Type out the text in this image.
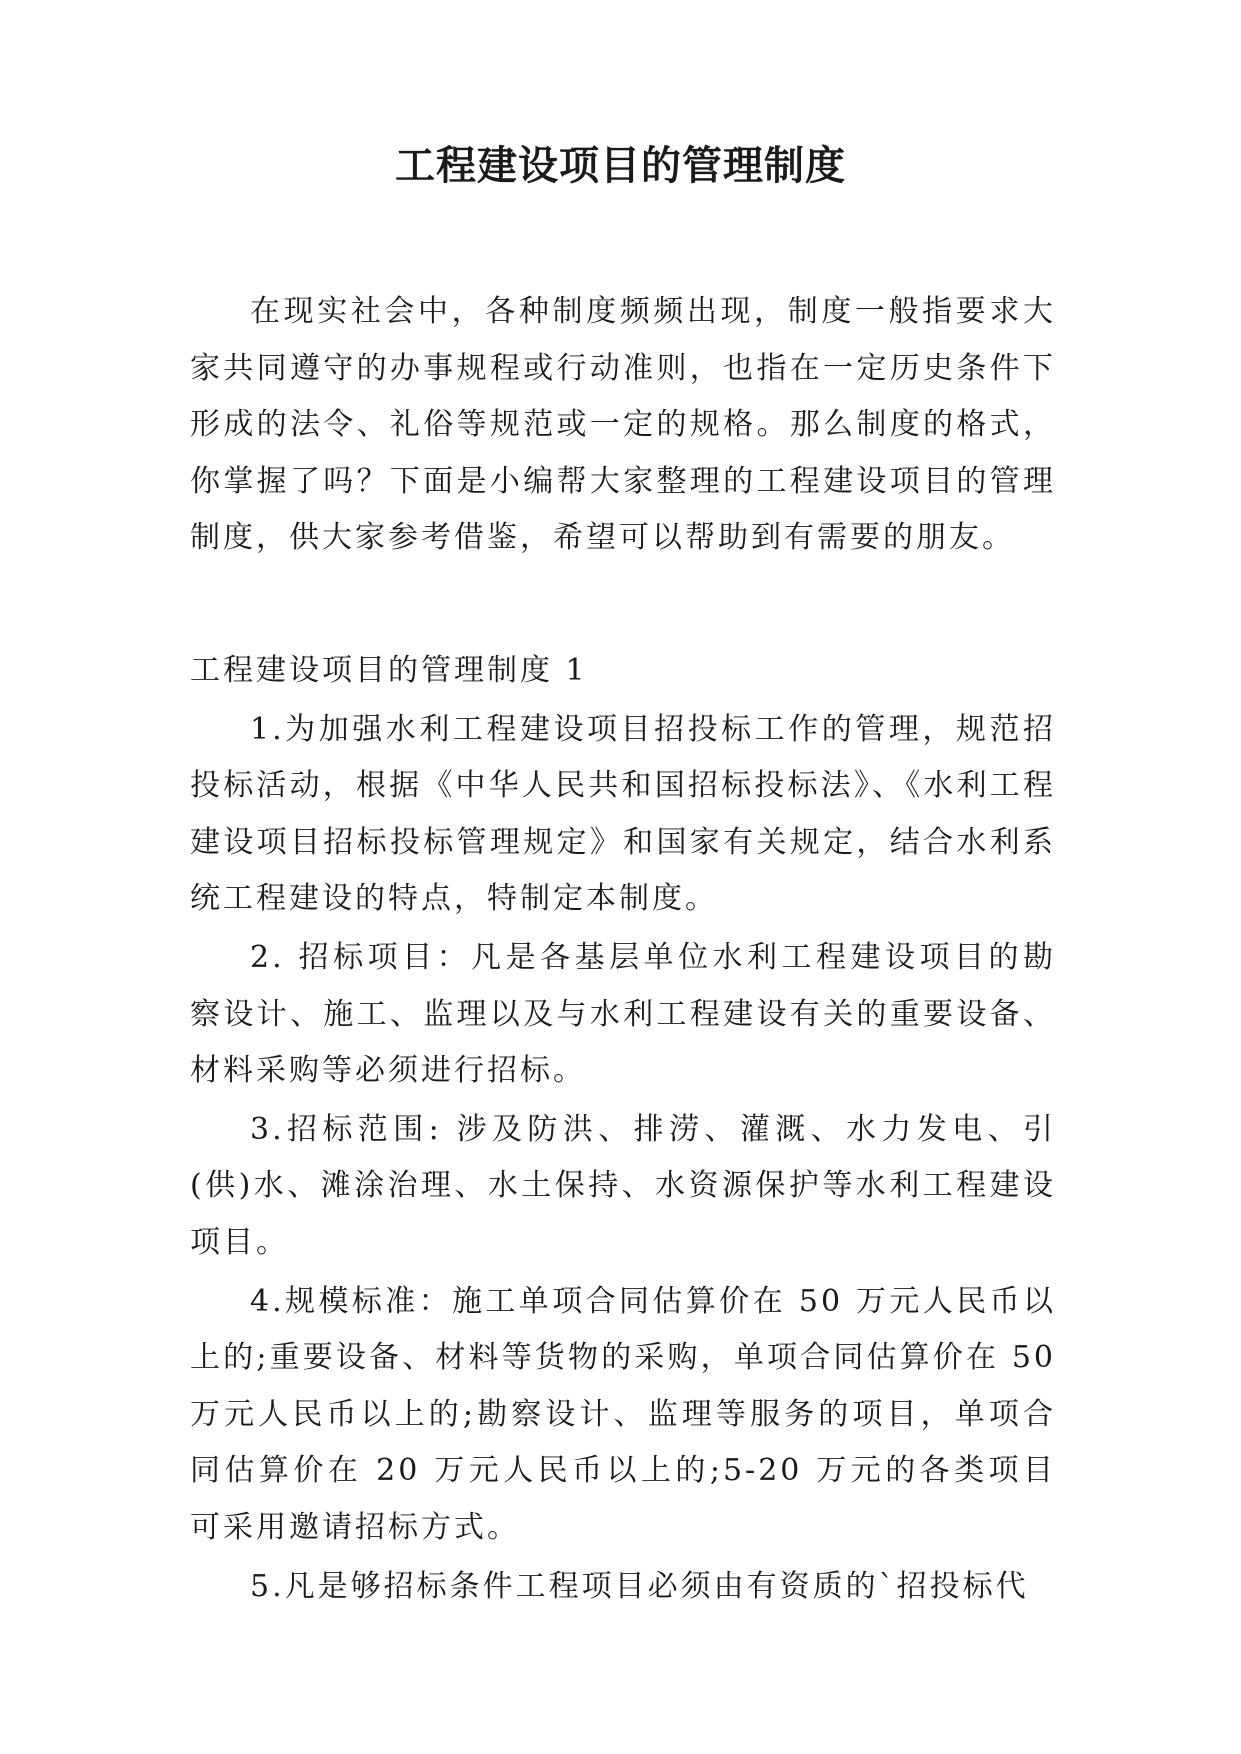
工程建设项目的管理制度

在现实社会中，各种制度频频出现，制度一般指要求大家共同遵守的办事规程或行动准则，也指在一定历史条件下形成的法令、礼俗等规范或一定的规格。那么制度的格式，你掌握了吗？下面是小编帮大家整理的工程建设项目的管理制度，供大家参考借鉴，希望可以帮助到有需要的朋友。

工程建设项目的管理制度 1

1.为加强水利工程建设项目招投标工作的管理，规范招投标活动，根据《中华人民共和国招标投标法》、《水利工程建设项目招标投标管理规定》和国家有关规定，结合水利系统工程建设的特点，特制定本制度。

2. 招标项目：凡是各基层单位水利工程建设项目的勘察设计、施工、监理以及与水利工程建设有关的重要设备、材料采购等必须进行招标。

3.招标范围: 涉及防洪、排涝、灌溉、水力发电、引(供)水、滩涂治理、水土保持、水资源保护等水利工程建设项目。

4.规模标准：施工单项合同估算价在 50 万元人民币以上的;重要设备、材料等货物的采购，单项合同估算价在 50 万元人民币以上的;勘察设计、监理等服务的项目，单项合同估算价在 20 万元人民币以上的;5-20 万元的各类项目可采用邀请招标方式。

5.凡是够招标条件工程项目必须由有资质的`招投标代
